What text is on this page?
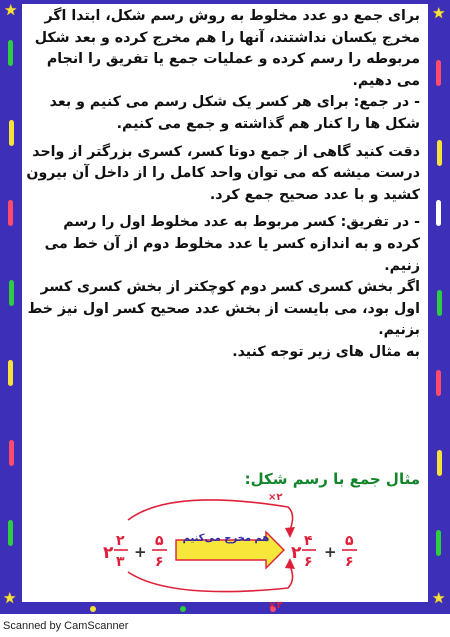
★	★
★	★

برای جمع دو عدد مخلوط به روش رسم شکل، ابتدا اگر مخرج یکسان نداشتند، آنها را هم مخرج کرده و بعد شکل مربوطه را رسم کرده و عملیات جمع یا تفریق را انجام می دهیم.

- در جمع: برای هر کسر یک شکل رسم می کنیم و بعد شکل ها را کنار هم گذاشته و جمع می کنیم.

دقت کنید گاهی از جمع دوتا کسر، کسری بزرگتر از واحد درست میشه که می توان واحد کامل را از داخل آن بیرون کشید و با عدد صحیح جمع کرد.

- در تفریق: کسر مربوط به عدد مخلوط اول را رسم کرده و به اندازه کسر یا عدد مخلوط دوم از آن خط می زنیم.

اگر بخش کسری کسر دوم کوچکتر از بخش کسری کسر اول بود، می بایست از بخش عدد صحیح کسر اول نیز خط بزنیم.

به مثال های زیر توجه کنید.

مثال جمع با رسم شکل:
×۲
×۲
۲
۲
۳
+
۵
۶
هم مخرج می‌کنیم
۲
۴
۶
+
۵
۶
Scanned by CamScanner
